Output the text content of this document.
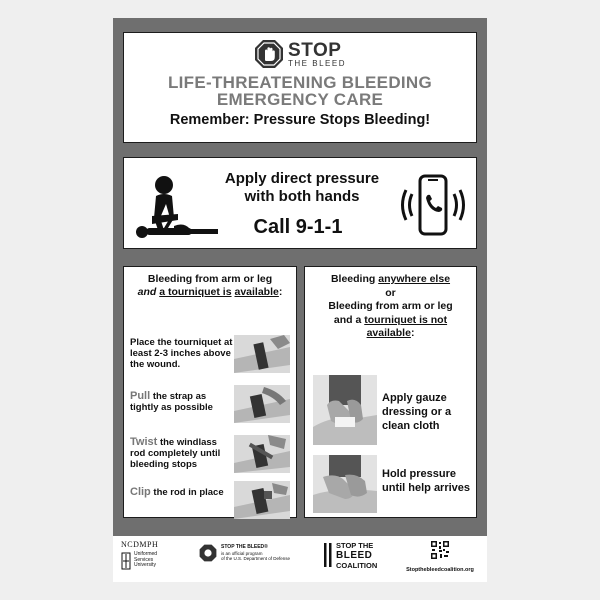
STOP
THE BLEED
LIFE-THREATENING BLEEDING
EMERGENCY CARE
Remember: Pressure Stops Bleeding!
Apply direct pressure
with both hands
Call 9-1-1
Bleeding from arm or leg
and a tourniquet is available:
Place the tourniquet at least 2-3 inches above the wound.
Pull the strap as tightly as possible
Twist the windlass rod completely until bleeding stops
Clip the rod in place
Bleeding anywhere else
or
Bleeding from arm or leg
and a tourniquet is not
available:
Apply gauze dressing or a clean cloth
Hold pressure until help arrives
NCDMPH
Uniformed
Services
University
STOP THE BLEED®
is an official program
of the U.S. Department of Defense
STOP THE
BLEED
COALITION	Stopthebleedcoalition.org
